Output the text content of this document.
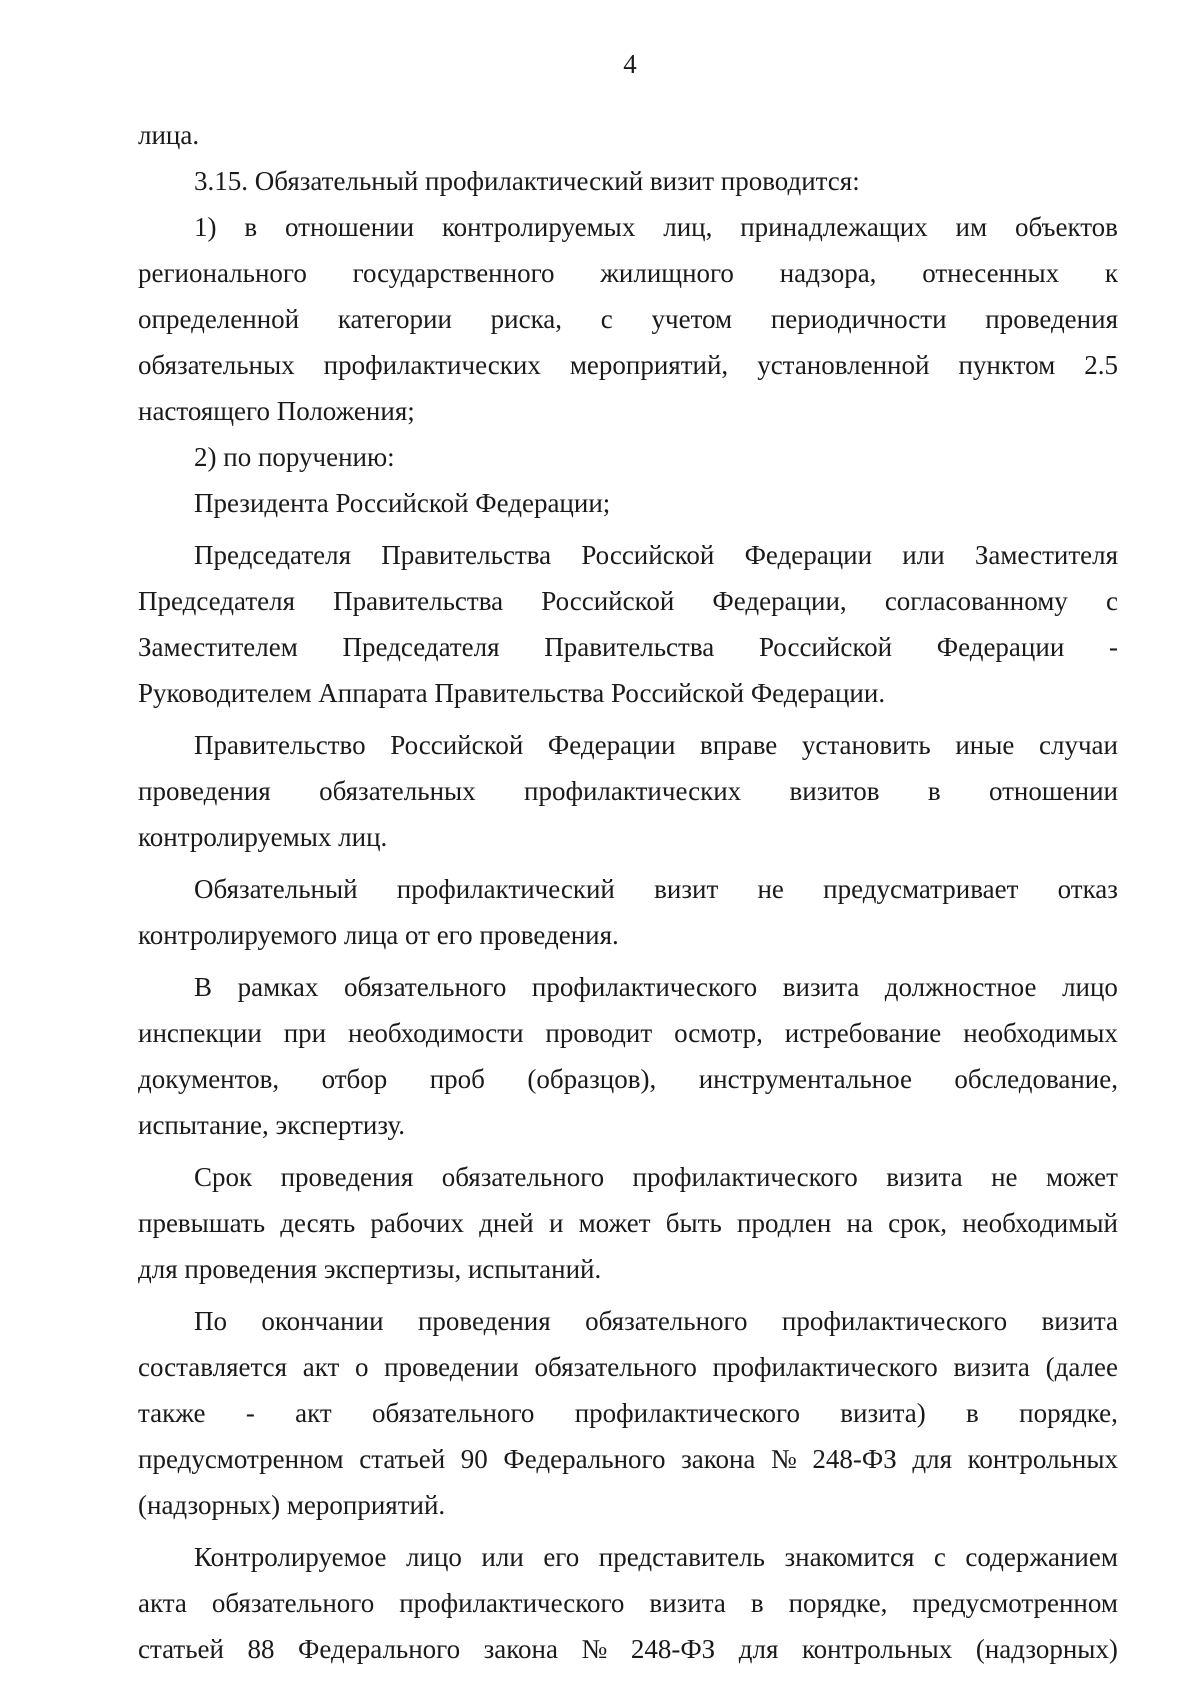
4
лица.
3.15. Обязательный профилактический визит проводится:
1) в отношении контролируемых лиц, принадлежащих им объектов
регионального государственного жилищного надзора, отнесенных к
определенной категории риска, с учетом периодичности проведения
обязательных профилактических мероприятий, установленной пунктом 2.5
настоящего Положения;
2) по поручению:
Президента Российской Федерации;
Председателя Правительства Российской Федерации или Заместителя
Председателя Правительства Российской Федерации, согласованному с
Заместителем Председателя Правительства Российской Федерации -
Руководителем Аппарата Правительства Российской Федерации.
Правительство Российской Федерации вправе установить иные случаи
проведения обязательных профилактических визитов в отношении
контролируемых лиц.
Обязательный профилактический визит не предусматривает отказ
контролируемого лица от его проведения.
В рамках обязательного профилактического визита должностное лицо
инспекции при необходимости проводит осмотр, истребование необходимых
документов, отбор проб (образцов), инструментальное обследование,
испытание, экспертизу.
Срок проведения обязательного профилактического визита не может
превышать десять рабочих дней и может быть продлен на срок, необходимый
для проведения экспертизы, испытаний.
По окончании проведения обязательного профилактического визита
составляется акт о проведении обязательного профилактического визита (далее
также - акт обязательного профилактического визита) в порядке,
предусмотренном статьей 90 Федерального закона № 248-ФЗ для контрольных
(надзорных) мероприятий.
Контролируемое лицо или его представитель знакомится с содержанием
акта обязательного профилактического визита в порядке, предусмотренном
статьей 88 Федерального закона № 248-ФЗ для контрольных (надзорных)
